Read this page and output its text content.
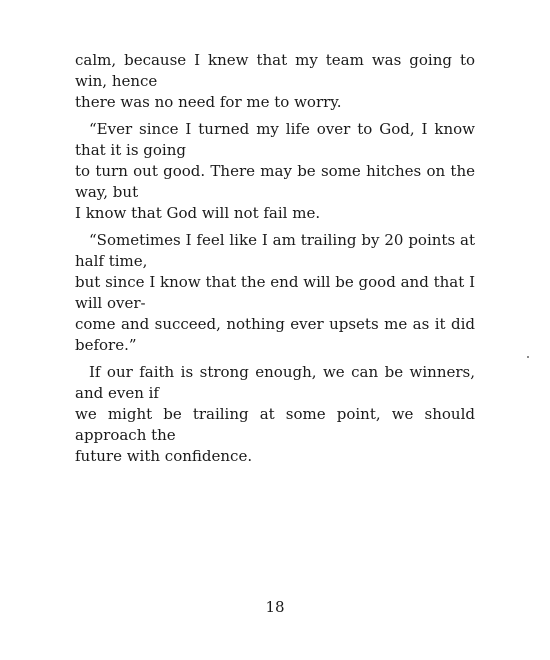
calm, because I knew that my team was going to win, hence
there was no need for me to worry.

“Ever since I turned my life over to God, I know that it is going
to turn out good. There may be some hitches on the way, but
I know that God will not fail me.

“Sometimes I feel like I am trailing by 20 points at half time,
but since I know that the end will be good and that I will over-
come and succeed, nothing ever upsets me as it did before.”

If our faith is strong enough, we can be winners, and even if
we might be trailing at some point, we should approach the
future with confidence.

18
